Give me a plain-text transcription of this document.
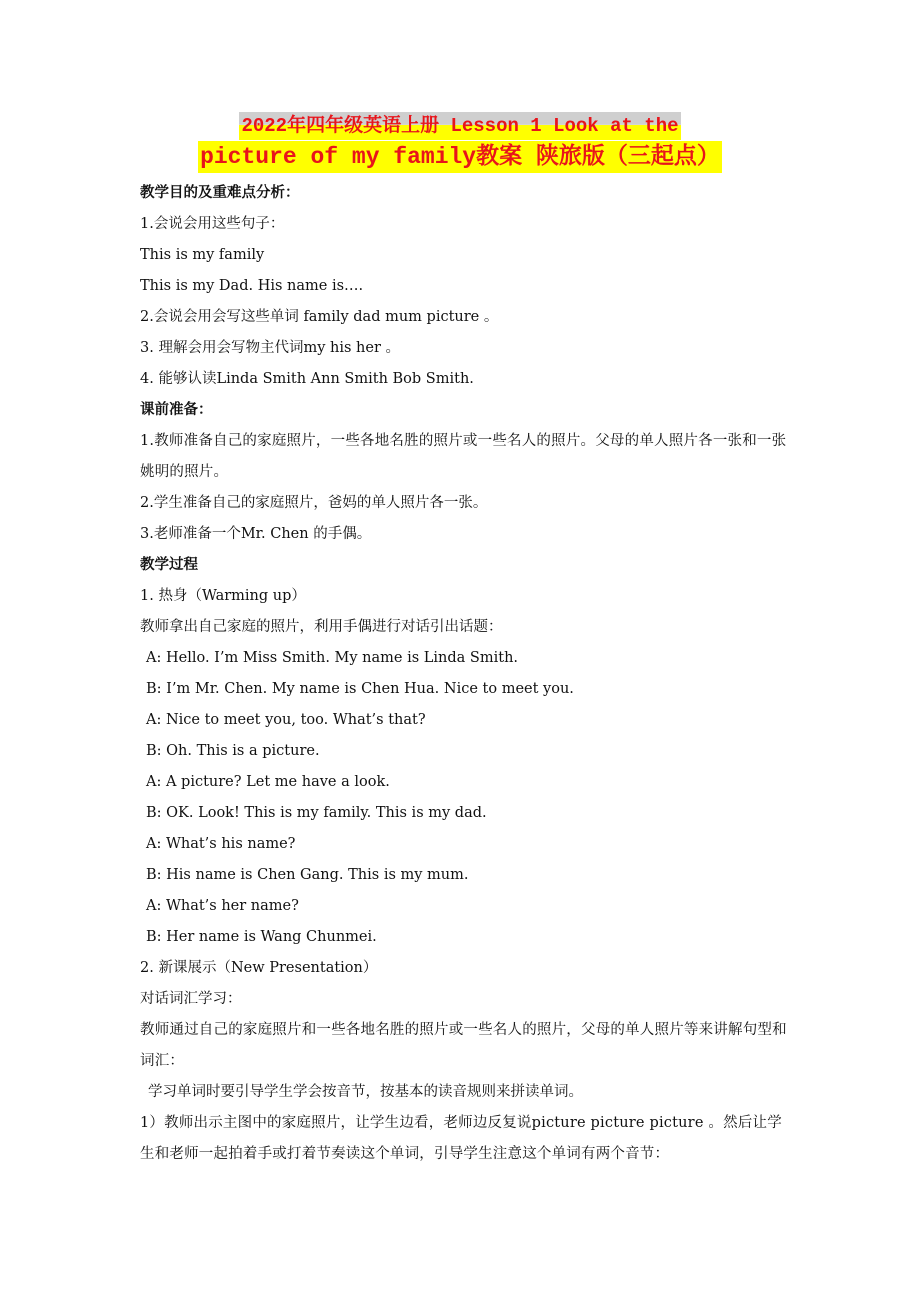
2022年四年级英语上册 Lesson 1 Look at the
picture of my family教案 陕旅版（三起点）
教学目的及重难点分析：
1.会说会用这些句子：
This is my family
This is my Dad. His name is….
2.会说会用会写这些单词 family dad mum picture 。
3. 理解会用会写物主代词my his her 。
4. 能够认读Linda Smith Ann Smith Bob Smith.
课前准备：
1.教师准备自己的家庭照片，一些各地名胜的照片或一些名人的照片。父母的单人照片各一张和一张姚明的照片。
2.学生准备自己的家庭照片，爸妈的单人照片各一张。
3.老师准备一个Mr. Chen 的手偶。
教学过程
1. 热身（Warming up）
教师拿出自己家庭的照片，利用手偶进行对话引出话题：
A: Hello. I’m Miss Smith. My name is Linda Smith.
B: I’m Mr. Chen. My name is Chen Hua. Nice to meet you.
A: Nice to meet you, too. What’s that?
B: Oh. This is a picture.
A: A picture? Let me have a look.
B: OK. Look! This is my family. This is my dad.
A: What’s his name?
B: His name is Chen Gang. This is my mum.
A: What’s her name?
B: Her name is Wang Chunmei.
2. 新课展示（New Presentation）
对话词汇学习：
教师通过自己的家庭照片和一些各地名胜的照片或一些名人的照片，父母的单人照片等来讲解句型和词汇：
学习单词时要引导学生学会按音节，按基本的读音规则来拼读单词。
1）教师出示主图中的家庭照片，让学生边看，老师边反复说picture picture picture 。然后让学生和老师一起拍着手或打着节奏读这个单词，引导学生注意这个单词有两个音节：
